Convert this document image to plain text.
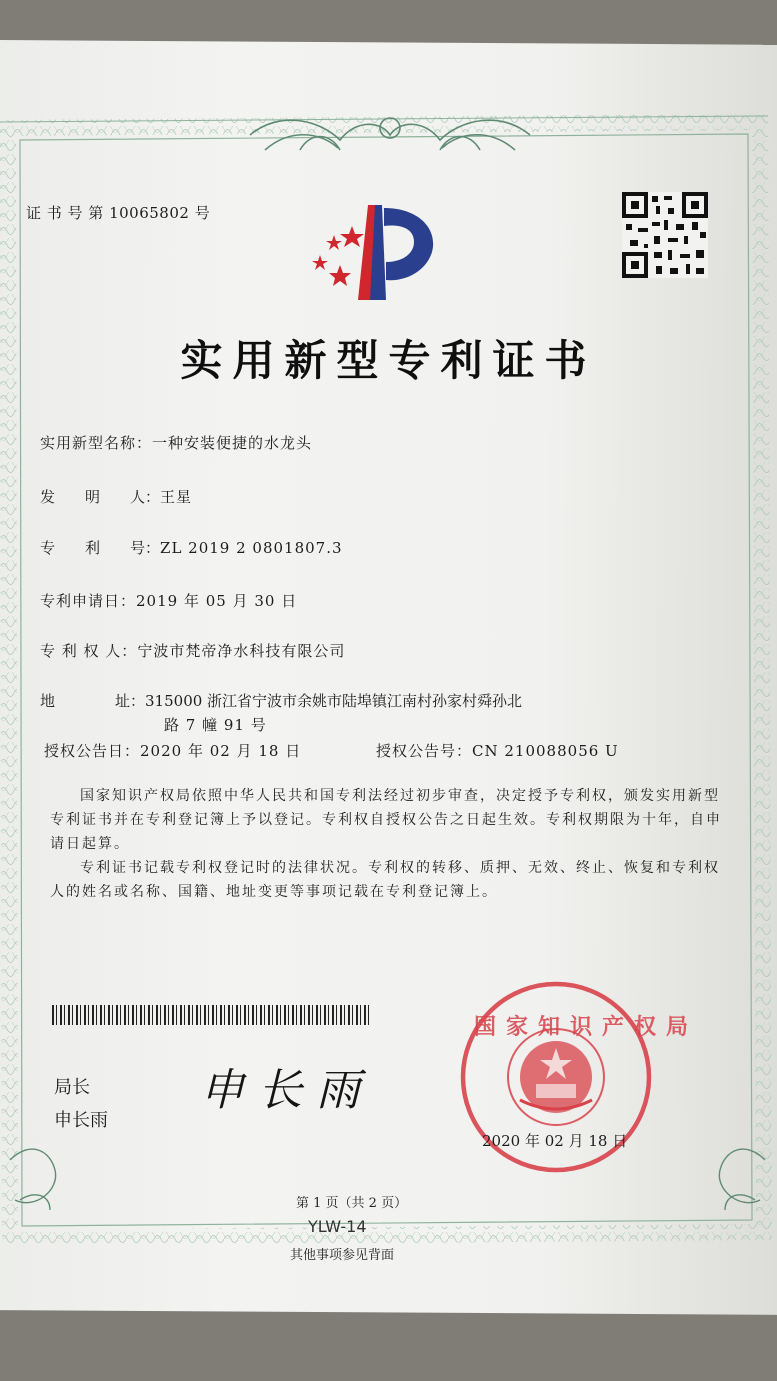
证 书 号 第 10065802 号
实用新型专利证书
实用新型名称：一种安装便捷的水龙头
发　　明　　人：王星
专　　利　　号：ZL 2019 2 0801807.3
专利申请日：2019 年 05 月 30 日
专 利 权 人：宁波市梵帝净水科技有限公司
地　　　　址：315000 浙江省宁波市余姚市陆埠镇江南村孙家村舜孙北
路 7 幢 91 号
授权公告日：2020 年 02 月 18 日	授权公告号：CN 210088056 U
国家知识产权局依照中华人民共和国专利法经过初步审查，决定授予专利权，颁发实用新型专利证书并在专利登记簿上予以登记。专利权自授权公告之日起生效。专利权期限为十年，自申请日起算。
专利证书记载专利权登记时的法律状况。专利权的转移、质押、无效、终止、恢复和专利权人的姓名或名称、国籍、地址变更等事项记载在专利登记簿上。
局长
申长雨
申长雨
国家知识产权局
2020 年 02 月 18 日
第 1 页（共 2 页）
YLW-14
其他事项参见背面
